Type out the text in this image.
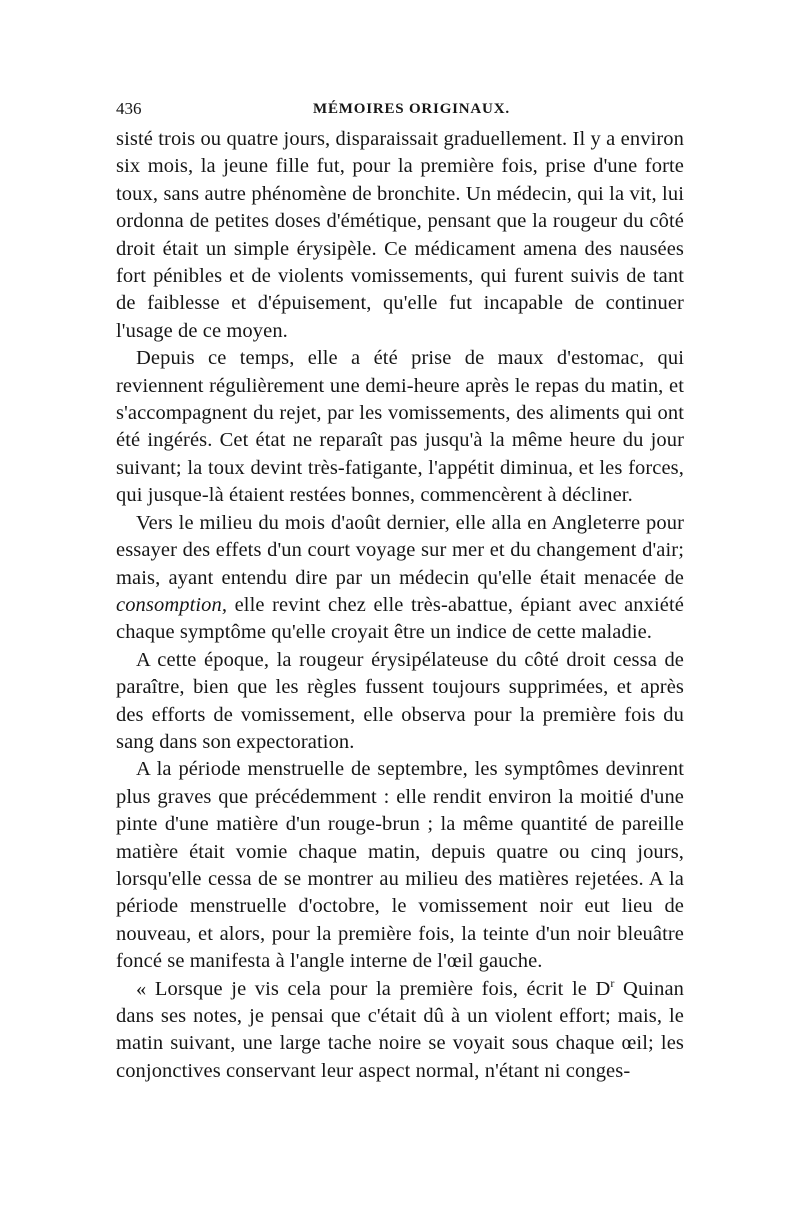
436	MÉMOIRES ORIGINAUX.

sisté trois ou quatre jours, disparaissait graduellement. Il y a environ six mois, la jeune fille fut, pour la première fois, prise d'une forte toux, sans autre phénomène de bronchite. Un médecin, qui la vit, lui ordonna de petites doses d'émétique, pensant que la rougeur du côté droit était un simple érysipèle. Ce médicament amena des nausées fort pénibles et de violents vomissements, qui furent suivis de tant de faiblesse et d'épuisement, qu'elle fut incapable de continuer l'usage de ce moyen.

Depuis ce temps, elle a été prise de maux d'estomac, qui reviennent régulièrement une demi-heure après le repas du matin, et s'accompagnent du rejet, par les vomissements, des aliments qui ont été ingérés. Cet état ne reparaît pas jusqu'à la même heure du jour suivant; la toux devint très-fatigante, l'appétit diminua, et les forces, qui jusque-là étaient restées bonnes, commencèrent à décliner.

Vers le milieu du mois d'août dernier, elle alla en Angleterre pour essayer des effets d'un court voyage sur mer et du changement d'air; mais, ayant entendu dire par un médecin qu'elle était menacée de consomption, elle revint chez elle très-abattue, épiant avec anxiété chaque symptôme qu'elle croyait être un indice de cette maladie.

A cette époque, la rougeur érysipélateuse du côté droit cessa de paraître, bien que les règles fussent toujours supprimées, et après des efforts de vomissement, elle observa pour la première fois du sang dans son expectoration.

A la période menstruelle de septembre, les symptômes devinrent plus graves que précédemment : elle rendit environ la moitié d'une pinte d'une matière d'un rouge-brun ; la même quantité de pareille matière était vomie chaque matin, depuis quatre ou cinq jours, lorsqu'elle cessa de se montrer au milieu des matières rejetées. A la période menstruelle d'octobre, le vomissement noir eut lieu de nouveau, et alors, pour la première fois, la teinte d'un noir bleuâtre foncé se manifesta à l'angle interne de l'œil gauche.

« Lorsque je vis cela pour la première fois, écrit le $D^r$ Quinan dans ses notes, je pensai que c'était dû à un violent effort; mais, le matin suivant, une large tache noire se voyait sous chaque œil; les conjonctives conservant leur aspect normal, n'étant ni conges-
